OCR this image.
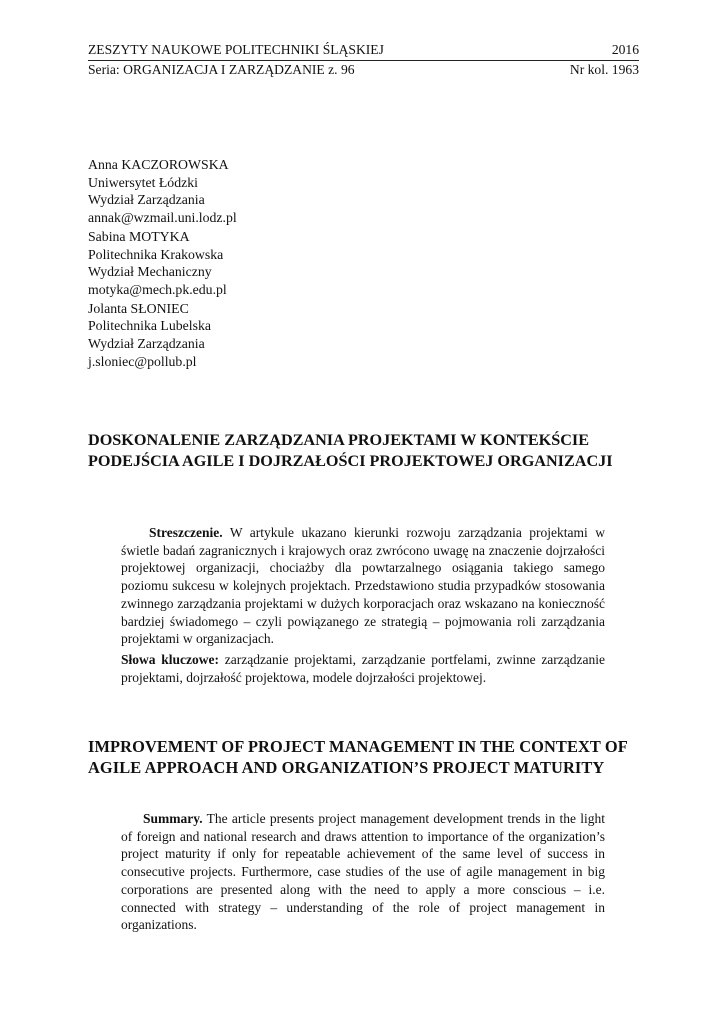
ZESZYTY NAUKOWE POLITECHNIKI ŚLĄSKIEJ	2016
Seria: ORGANIZACJA I ZARZĄDZANIE z. 96	Nr kol. 1963
Anna KACZOROWSKA
Uniwersytet Łódzki
Wydział Zarządzania
annak@wzmail.uni.lodz.pl
Sabina MOTYKA
Politechnika Krakowska
Wydział Mechaniczny
motyka@mech.pk.edu.pl
Jolanta SŁONIEC
Politechnika Lubelska
Wydział Zarządzania
j.sloniec@pollub.pl
DOSKONALENIE ZARZĄDZANIA PROJEKTAMI W KONTEKŚCIE PODEJŚCIA AGILE I DOJRZAŁOŚCI PROJEKTOWEJ ORGANIZACJI

Streszczenie. W artykule ukazano kierunki rozwoju zarządzania projektami w świetle badań zagranicznych i krajowych oraz zwrócono uwagę na znaczenie dojrzałości projektowej organizacji, chociażby dla powtarzalnego osiągania takiego samego poziomu sukcesu w kolejnych projektach. Przedstawiono studia przypadków stosowania zwinnego zarządzania projektami w dużych korporacjach oraz wskazano na konieczność bardziej świadomego – czyli powiązanego ze strategią – pojmowania roli zarządzania projektami w organizacjach.

Słowa kluczowe: zarządzanie projektami, zarządzanie portfelami, zwinne zarządzanie projektami, dojrzałość projektowa, modele dojrzałości projektowej.

IMPROVEMENT OF PROJECT MANAGEMENT IN THE CONTEXT OF AGILE APPROACH AND ORGANIZATION’S PROJECT MATURITY

Summary. The article presents project management development trends in the light of foreign and national research and draws attention to importance of the organization’s project maturity if only for repeatable achievement of the same level of success in consecutive projects. Furthermore, case studies of the use of agile management in big corporations are presented along with the need to apply a more conscious – i.e. connected with strategy – understanding of the role of project management in organizations.
